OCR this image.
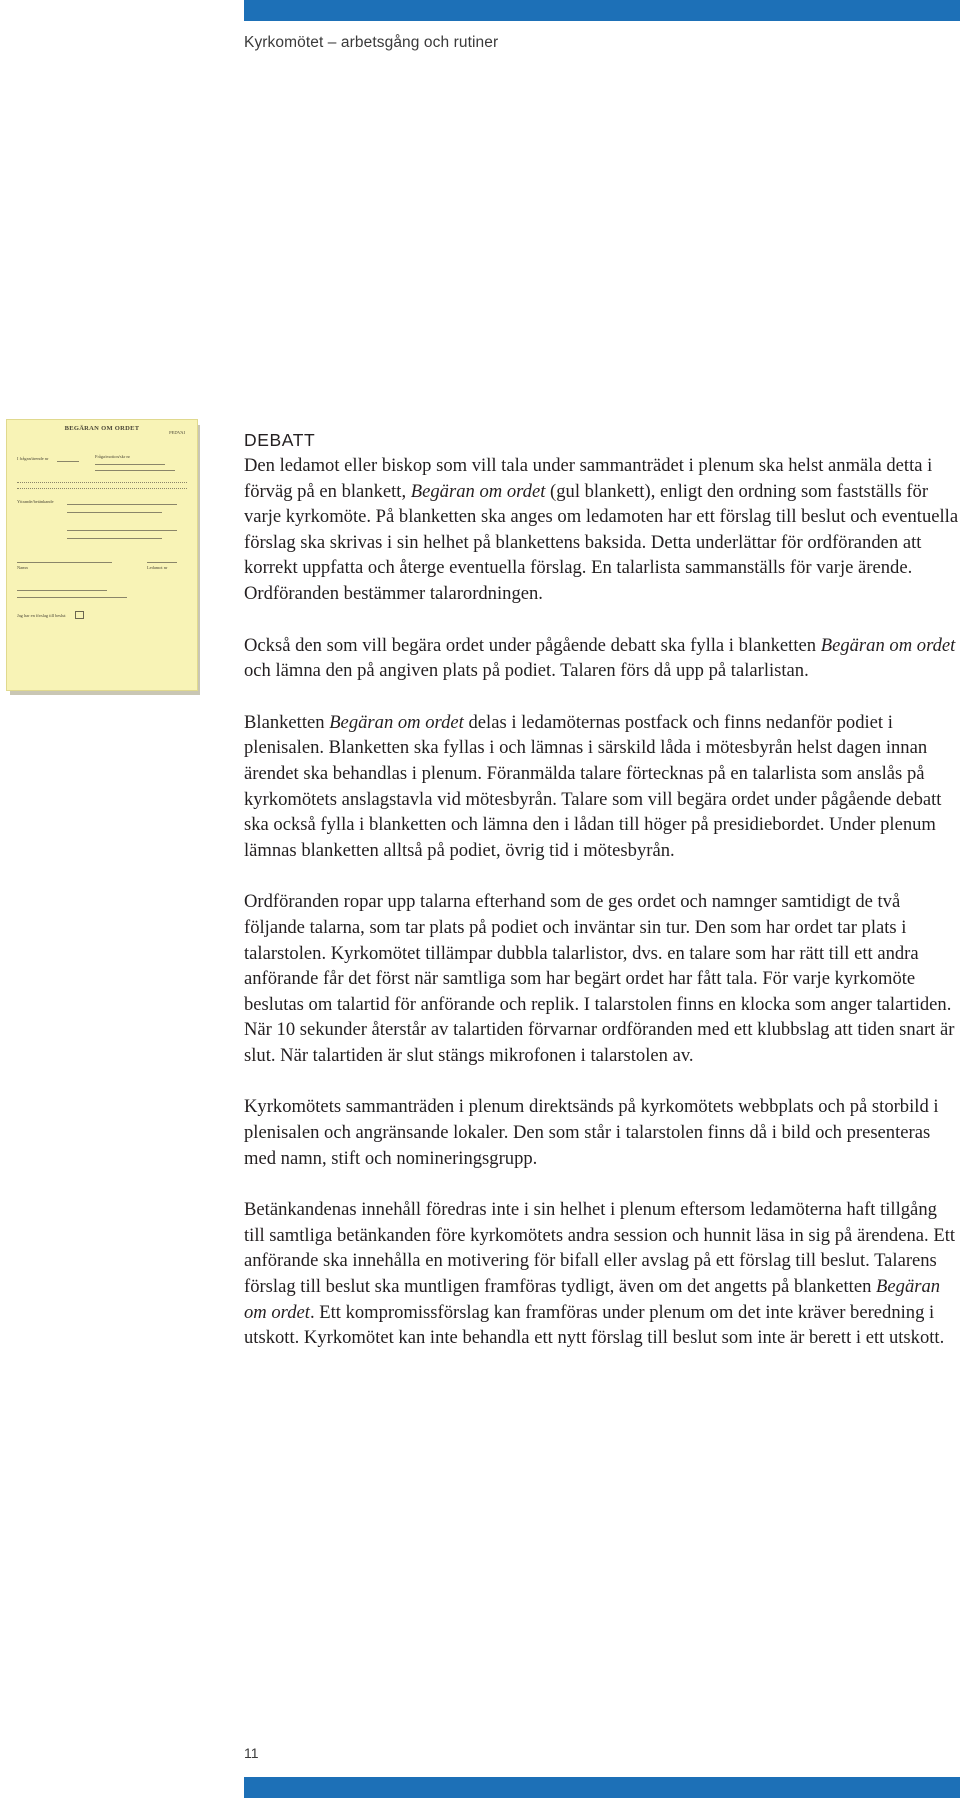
Kyrkomötet – arbetsgång och rutiner
BEGÄRAN OM ORDET
PEDVAI
I frågan/ärende nr	Fråga/motion/skr nr
Yttrande/betänkande
Namn	Ledamot nr
Jag har en förslag till beslut
DEBATT

Den ledamot eller biskop som vill tala under sammanträdet i plenum ska helst anmäla detta i förväg på en blankett, Begäran om ordet (gul blankett), enligt den ordning som fastställs för varje kyrkomöte. På blanketten ska anges om ledamoten har ett förslag till beslut och eventuella förslag ska skrivas i sin helhet på blankettens baksida. Detta underlättar för ordföranden att korrekt uppfatta och återge eventuella förslag. En talarlista sammanställs för varje ärende. Ordföranden bestämmer talarordningen.

Också den som vill begära ordet under pågående debatt ska fylla i blanketten Begäran om ordet och lämna den på angiven plats på podiet. Talaren förs då upp på talarlistan.

Blanketten Begäran om ordet delas i ledamöternas postfack och finns nedanför podiet i plenisalen. Blanketten ska fyllas i och lämnas i särskild låda i mötesbyrån helst dagen innan ärendet ska behandlas i plenum. Föranmälda talare förtecknas på en talarlista som anslås på kyrkomötets anslagstavla vid mötesbyrån. Talare som vill begära ordet under pågående debatt ska också fylla i blanketten och lämna den i lådan till höger på presidiebordet. Under plenum lämnas blanketten alltså på podiet, övrig tid i mötesbyrån.

Ordföranden ropar upp talarna efterhand som de ges ordet och namnger samtidigt de två följande talarna, som tar plats på podiet och inväntar sin tur. Den som har ordet tar plats i talarstolen. Kyrkomötet tillämpar dubbla talarlistor, dvs. en talare som har rätt till ett andra anförande får det först när samtliga som har begärt ordet har fått tala. För varje kyrkomöte beslutas om talartid för anförande och replik. I talarstolen finns en klocka som anger talartiden. När 10 sekunder återstår av talartiden förvarnar ordföranden med ett klubbslag att tiden snart är slut. När talartiden är slut stängs mikrofonen i talarstolen av.

Kyrkomötets sammanträden i plenum direktsänds på kyrkomötets webbplats och på storbild i plenisalen och angränsande lokaler. Den som står i talarstolen finns då i bild och presenteras med namn, stift och nomineringsgrupp.

Betänkandenas innehåll föredras inte i sin helhet i plenum eftersom ledamöterna haft tillgång till samtliga betänkanden före kyrkomötets andra session och hunnit läsa in sig på ärendena. Ett anförande ska innehålla en motivering för bifall eller avslag på ett förslag till beslut. Talarens förslag till beslut ska muntligen framföras tydligt, även om det angetts på blanketten Begäran om ordet. Ett kompromissförslag kan framföras under plenum om det inte kräver beredning i utskott. Kyrkomötet kan inte behandla ett nytt förslag till beslut som inte är berett i ett utskott.

11
